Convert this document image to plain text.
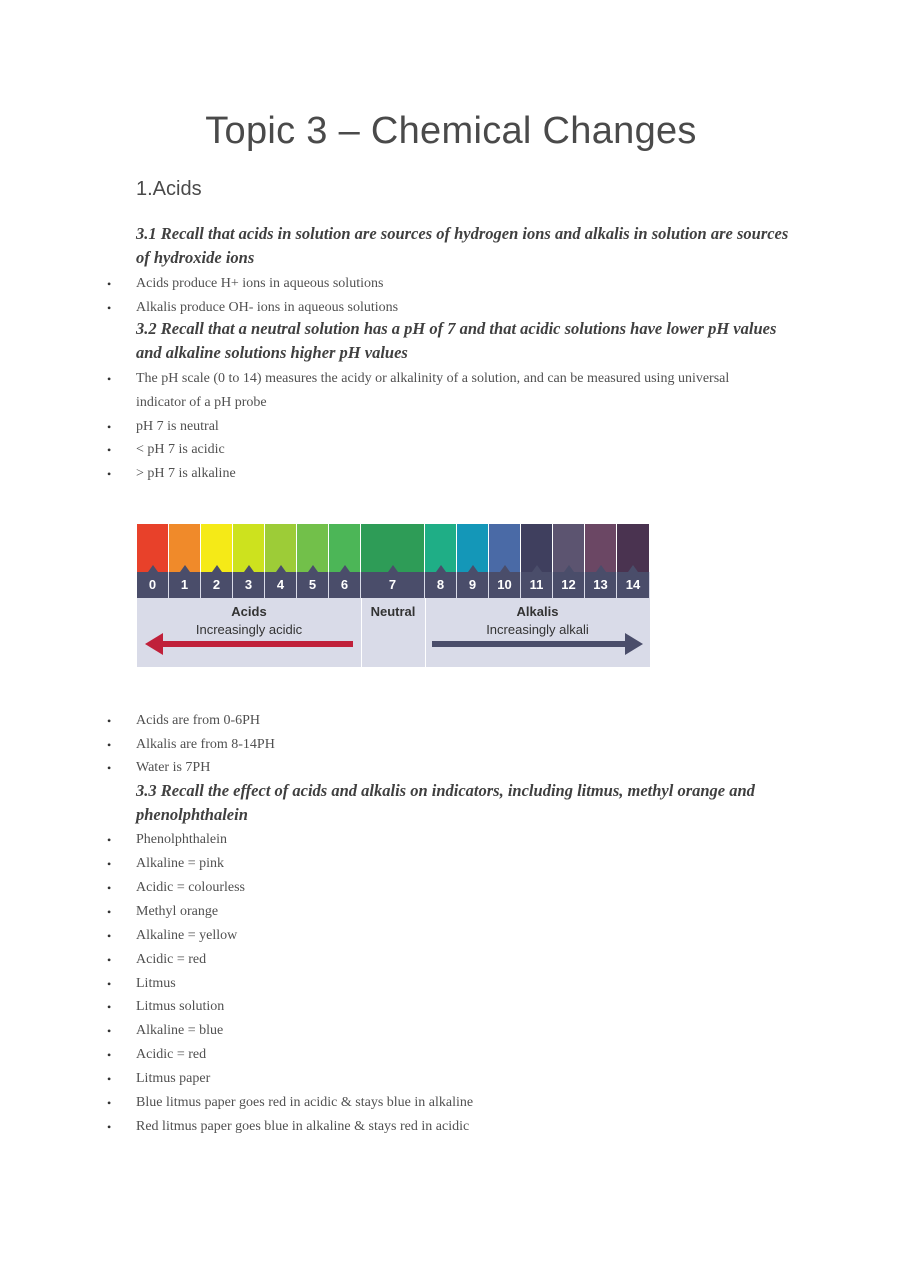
Topic 3 – Chemical Changes
1.Acids

3.1 Recall that acids in solution are sources of hydrogen ions and alkalis in solution are sources of hydroxide ions

• Acids produce H+ ions in aqueous solutions
• Alkalis produce OH- ions in aqueous solutions

3.2 Recall that a neutral solution has a pH of 7 and that acidic solutions have lower pH values and alkaline solutions higher pH values

• The pH scale (0 to 14) measures the acidy or alkalinity of a solution, and can be measured using universal indicator of a pH probe
• pH 7 is neutral
• < pH 7 is acidic
• > pH 7 is alkaline
0	1	2	3	4	5	6	7	8	9	10	11	12	13	14
Acids
Increasingly acidic
Neutral	Alkalis
Increasingly alkali
• Acids are from 0-6PH
• Alkalis are from 8-14PH
• Water is 7PH

3.3 Recall the effect of acids and alkalis on indicators, including litmus, methyl orange and phenolphthalein

• Phenolphthalein
• Alkaline = pink
• Acidic = colourless
• Methyl orange
• Alkaline = yellow
• Acidic = red
• Litmus
• Litmus solution
• Alkaline = blue
• Acidic = red
• Litmus paper
• Blue litmus paper goes red in acidic & stays blue in alkaline
• Red litmus paper goes blue in alkaline & stays red in acidic
